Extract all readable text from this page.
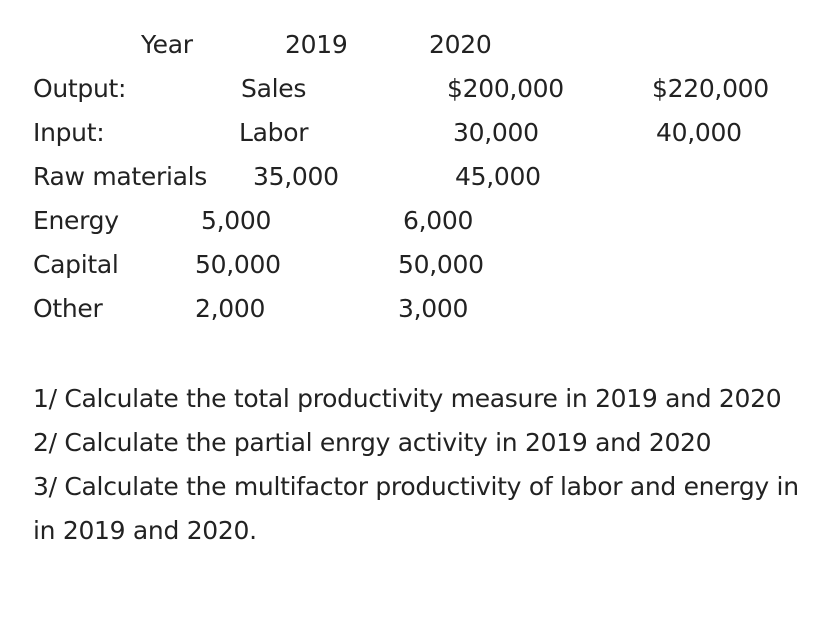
Year	2019	2020
Output:	Sales	$200,000	$220,000
Input:	Labor	30,000	40,000
Raw materials 35,000	45,000
Energy	5,000	6,000
Capital	50,000	50,000
Other	2,000	3,000

1/ Calculate the total productivity measure in 2019 and 2020

2/ Calculate the partial enrgy activity in 2019 and 2020

3/ Calculate the multifactor productivity of labor and energy in in 2019 and 2020.
